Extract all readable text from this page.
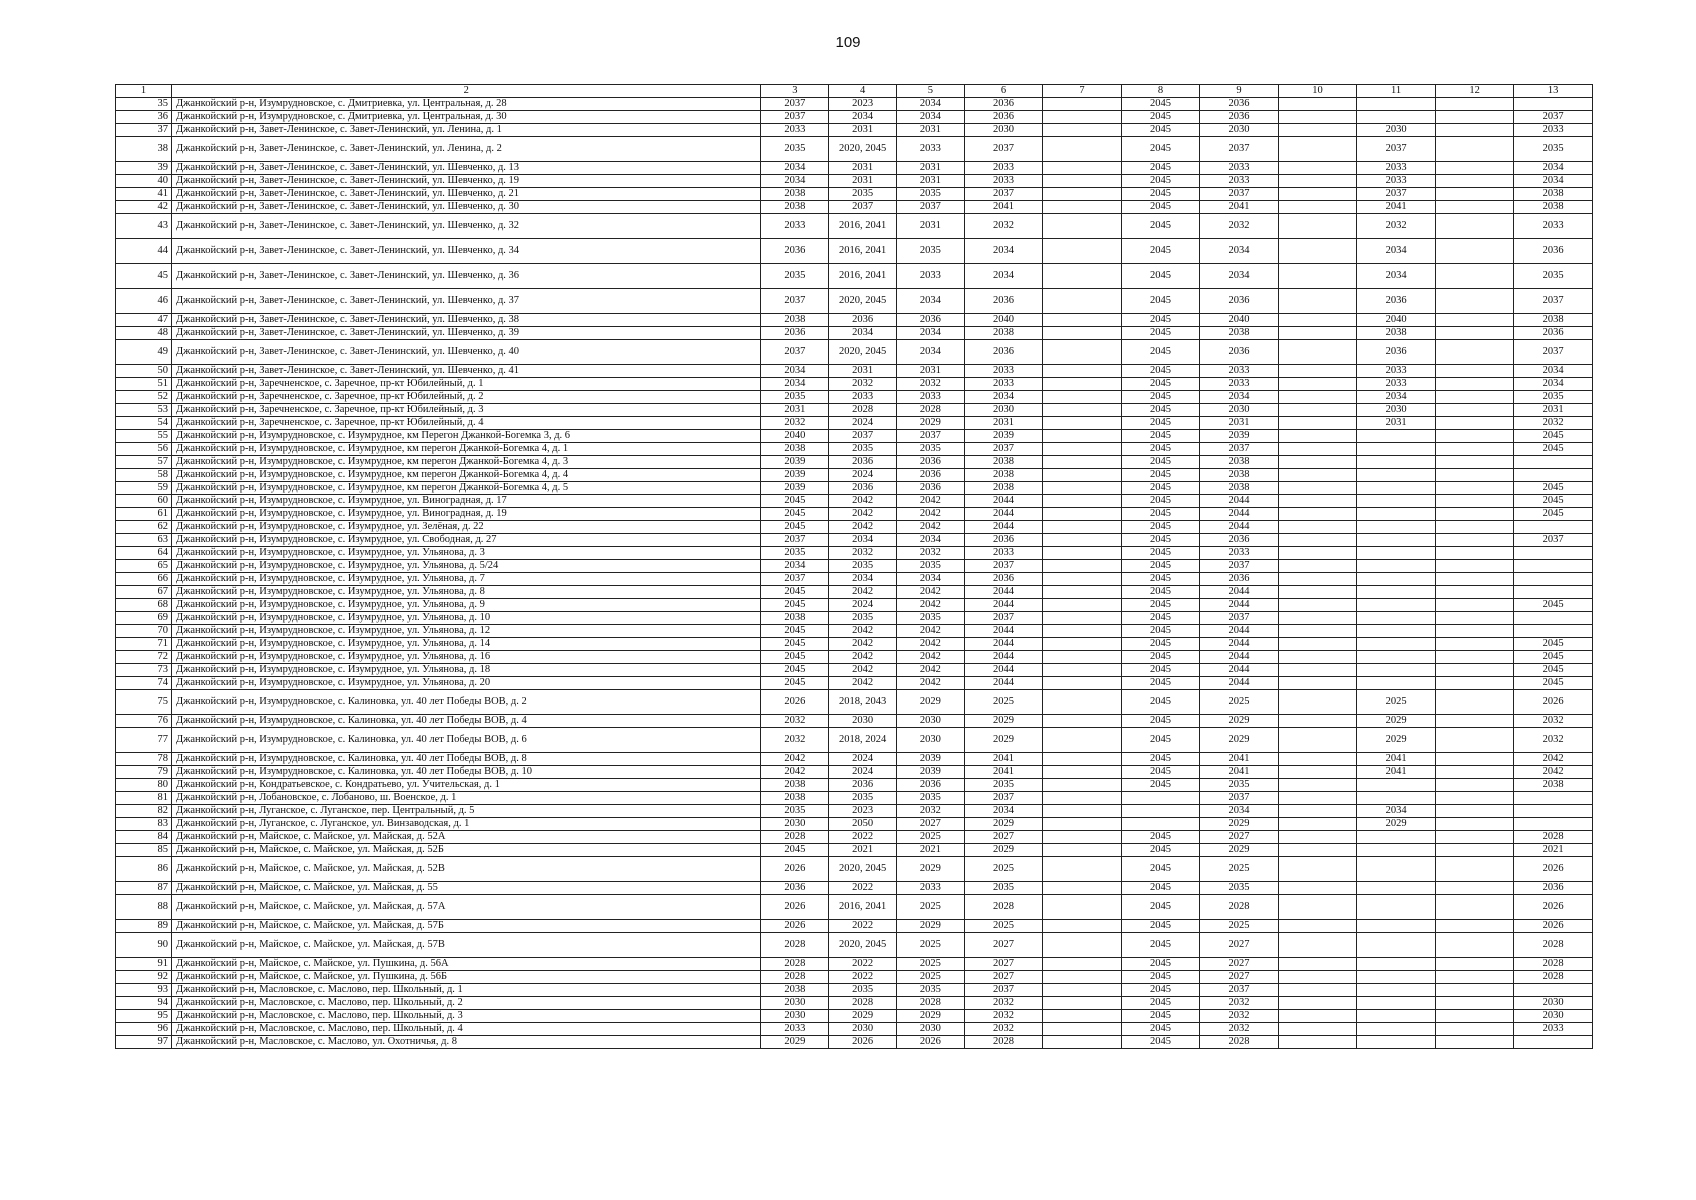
109
1	2	3	4	5	6	7	8	9	10	11	12	13
35	Джанкойский р-н, Изумрудновское, с. Дмитриевка, ул. Центральная, д. 28	2037	2023	2034	2036		2045	2036				
36	Джанкойский р-н, Изумрудновское, с. Дмитриевка, ул. Центральная, д. 30	2037	2034	2034	2036		2045	2036				2037
37	Джанкойский р-н, Завет-Ленинское, с. Завет-Ленинский, ул. Ленина, д. 1	2033	2031	2031	2030		2045	2030		2030		2033
38	Джанкойский р-н, Завет-Ленинское, с. Завет-Ленинский, ул. Ленина, д. 2	2035	2020, 2045	2033	2037		2045	2037		2037		2035
39	Джанкойский р-н, Завет-Ленинское, с. Завет-Ленинский, ул. Шевченко, д. 13	2034	2031	2031	2033		2045	2033		2033		2034
40	Джанкойский р-н, Завет-Ленинское, с. Завет-Ленинский, ул. Шевченко, д. 19	2034	2031	2031	2033		2045	2033		2033		2034
41	Джанкойский р-н, Завет-Ленинское, с. Завет-Ленинский, ул. Шевченко, д. 21	2038	2035	2035	2037		2045	2037		2037		2038
42	Джанкойский р-н, Завет-Ленинское, с. Завет-Ленинский, ул. Шевченко, д. 30	2038	2037	2037	2041		2045	2041		2041		2038
43	Джанкойский р-н, Завет-Ленинское, с. Завет-Ленинский, ул. Шевченко, д. 32	2033	2016, 2041	2031	2032		2045	2032		2032		2033
44	Джанкойский р-н, Завет-Ленинское, с. Завет-Ленинский, ул. Шевченко, д. 34	2036	2016, 2041	2035	2034		2045	2034		2034		2036
45	Джанкойский р-н, Завет-Ленинское, с. Завет-Ленинский, ул. Шевченко, д. 36	2035	2016, 2041	2033	2034		2045	2034		2034		2035
46	Джанкойский р-н, Завет-Ленинское, с. Завет-Ленинский, ул. Шевченко, д. 37	2037	2020, 2045	2034	2036		2045	2036		2036		2037
47	Джанкойский р-н, Завет-Ленинское, с. Завет-Ленинский, ул. Шевченко, д. 38	2038	2036	2036	2040		2045	2040		2040		2038
48	Джанкойский р-н, Завет-Ленинское, с. Завет-Ленинский, ул. Шевченко, д. 39	2036	2034	2034	2038		2045	2038		2038		2036
49	Джанкойский р-н, Завет-Ленинское, с. Завет-Ленинский, ул. Шевченко, д. 40	2037	2020, 2045	2034	2036		2045	2036		2036		2037
50	Джанкойский р-н, Завет-Ленинское, с. Завет-Ленинский, ул. Шевченко, д. 41	2034	2031	2031	2033		2045	2033		2033		2034
51	Джанкойский р-н, Заречненское, с. Заречное, пр-кт Юбилейный, д. 1	2034	2032	2032	2033		2045	2033		2033		2034
52	Джанкойский р-н, Заречненское, с. Заречное, пр-кт Юбилейный, д. 2	2035	2033	2033	2034		2045	2034		2034		2035
53	Джанкойский р-н, Заречненское, с. Заречное, пр-кт Юбилейный, д. 3	2031	2028	2028	2030		2045	2030		2030		2031
54	Джанкойский р-н, Заречненское, с. Заречное, пр-кт Юбилейный, д. 4	2032	2024	2029	2031		2045	2031		2031		2032
55	Джанкойский р-н, Изумрудновское, с. Изумрудное, км Перегон Джанкой-Богемка 3, д. 6	2040	2037	2037	2039		2045	2039				2045
56	Джанкойский р-н, Изумрудновское, с. Изумрудное, км перегон Джанкой-Богемка 4, д. 1	2038	2035	2035	2037		2045	2037				2045
57	Джанкойский р-н, Изумрудновское, с. Изумрудное, км перегон Джанкой-Богемка 4, д. 3	2039	2036	2036	2038		2045	2038				
58	Джанкойский р-н, Изумрудновское, с. Изумрудное, км перегон Джанкой-Богемка 4, д. 4	2039	2024	2036	2038		2045	2038				
59	Джанкойский р-н, Изумрудновское, с. Изумрудное, км перегон Джанкой-Богемка 4, д. 5	2039	2036	2036	2038		2045	2038				2045
60	Джанкойский р-н, Изумрудновское, с. Изумрудное, ул. Виноградная, д. 17	2045	2042	2042	2044		2045	2044				2045
61	Джанкойский р-н, Изумрудновское, с. Изумрудное, ул. Виноградная, д. 19	2045	2042	2042	2044		2045	2044				2045
62	Джанкойский р-н, Изумрудновское, с. Изумрудное, ул. Зелёная, д. 22	2045	2042	2042	2044		2045	2044				
63	Джанкойский р-н, Изумрудновское, с. Изумрудное, ул. Свободная, д. 27	2037	2034	2034	2036		2045	2036				2037
64	Джанкойский р-н, Изумрудновское, с. Изумрудное, ул. Ульянова, д. 3	2035	2032	2032	2033		2045	2033				
65	Джанкойский р-н, Изумрудновское, с. Изумрудное, ул. Ульянова, д. 5/24	2034	2035	2035	2037		2045	2037				
66	Джанкойский р-н, Изумрудновское, с. Изумрудное, ул. Ульянова, д. 7	2037	2034	2034	2036		2045	2036				
67	Джанкойский р-н, Изумрудновское, с. Изумрудное, ул. Ульянова, д. 8	2045	2042	2042	2044		2045	2044				
68	Джанкойский р-н, Изумрудновское, с. Изумрудное, ул. Ульянова, д. 9	2045	2024	2042	2044		2045	2044				2045
69	Джанкойский р-н, Изумрудновское, с. Изумрудное, ул. Ульянова, д. 10	2038	2035	2035	2037		2045	2037				
70	Джанкойский р-н, Изумрудновское, с. Изумрудное, ул. Ульянова, д. 12	2045	2042	2042	2044		2045	2044				
71	Джанкойский р-н, Изумрудновское, с. Изумрудное, ул. Ульянова, д. 14	2045	2042	2042	2044		2045	2044				2045
72	Джанкойский р-н, Изумрудновское, с. Изумрудное, ул. Ульянова, д. 16	2045	2042	2042	2044		2045	2044				2045
73	Джанкойский р-н, Изумрудновское, с. Изумрудное, ул. Ульянова, д. 18	2045	2042	2042	2044		2045	2044				2045
74	Джанкойский р-н, Изумрудновское, с. Изумрудное, ул. Ульянова, д. 20	2045	2042	2042	2044		2045	2044				2045
75	Джанкойский р-н, Изумрудновское, с. Калиновка, ул. 40 лет Победы ВОВ, д. 2	2026	2018, 2043	2029	2025		2045	2025		2025		2026
76	Джанкойский р-н, Изумрудновское, с. Калиновка, ул. 40 лет Победы ВОВ, д. 4	2032	2030	2030	2029		2045	2029		2029		2032
77	Джанкойский р-н, Изумрудновское, с. Калиновка, ул. 40 лет Победы ВОВ, д. 6	2032	2018, 2024	2030	2029		2045	2029		2029		2032
78	Джанкойский р-н, Изумрудновское, с. Калиновка, ул. 40 лет Победы ВОВ, д. 8	2042	2024	2039	2041		2045	2041		2041		2042
79	Джанкойский р-н, Изумрудновское, с. Калиновка, ул. 40 лет Победы ВОВ, д. 10	2042	2024	2039	2041		2045	2041		2041		2042
80	Джанкойский р-н, Кондратьевское, с. Кондратьево, ул. Учительская, д. 1	2038	2036	2036	2035		2045	2035				2038
81	Джанкойский р-н, Лобановское, с. Лобаново, ш. Военское, д. 1	2038	2035	2035	2037			2037				
82	Джанкойский р-н, Луганское, с. Луганское, пер. Центральный, д. 5	2035	2023	2032	2034			2034		2034		
83	Джанкойский р-н, Луганское, с. Луганское, ул. Винзаводская, д. 1	2030	2050	2027	2029			2029		2029		
84	Джанкойский р-н, Майское, с. Майское, ул. Майская, д. 52А	2028	2022	2025	2027		2045	2027				2028
85	Джанкойский р-н, Майское, с. Майское, ул. Майская, д. 52Б	2045	2021	2021	2029		2045	2029				2021
86	Джанкойский р-н, Майское, с. Майское, ул. Майская, д. 52В	2026	2020, 2045	2029	2025		2045	2025				2026
87	Джанкойский р-н, Майское, с. Майское, ул. Майская, д. 55	2036	2022	2033	2035		2045	2035				2036
88	Джанкойский р-н, Майское, с. Майское, ул. Майская, д. 57А	2026	2016, 2041	2025	2028		2045	2028				2026
89	Джанкойский р-н, Майское, с. Майское, ул. Майская, д. 57Б	2026	2022	2029	2025		2045	2025				2026
90	Джанкойский р-н, Майское, с. Майское, ул. Майская, д. 57В	2028	2020, 2045	2025	2027		2045	2027				2028
91	Джанкойский р-н, Майское, с. Майское, ул. Пушкина, д. 56А	2028	2022	2025	2027		2045	2027				2028
92	Джанкойский р-н, Майское, с. Майское, ул. Пушкина, д. 56Б	2028	2022	2025	2027		2045	2027				2028
93	Джанкойский р-н, Масловское, с. Маслово, пер. Школьный, д. 1	2038	2035	2035	2037		2045	2037				
94	Джанкойский р-н, Масловское, с. Маслово, пер. Школьный, д. 2	2030	2028	2028	2032		2045	2032				2030
95	Джанкойский р-н, Масловское, с. Маслово, пер. Школьный, д. 3	2030	2029	2029	2032		2045	2032				2030
96	Джанкойский р-н, Масловское, с. Маслово, пер. Школьный, д. 4	2033	2030	2030	2032		2045	2032				2033
97	Джанкойский р-н, Масловское, с. Маслово, ул. Охотничья, д. 8	2029	2026	2026	2028		2045	2028				
